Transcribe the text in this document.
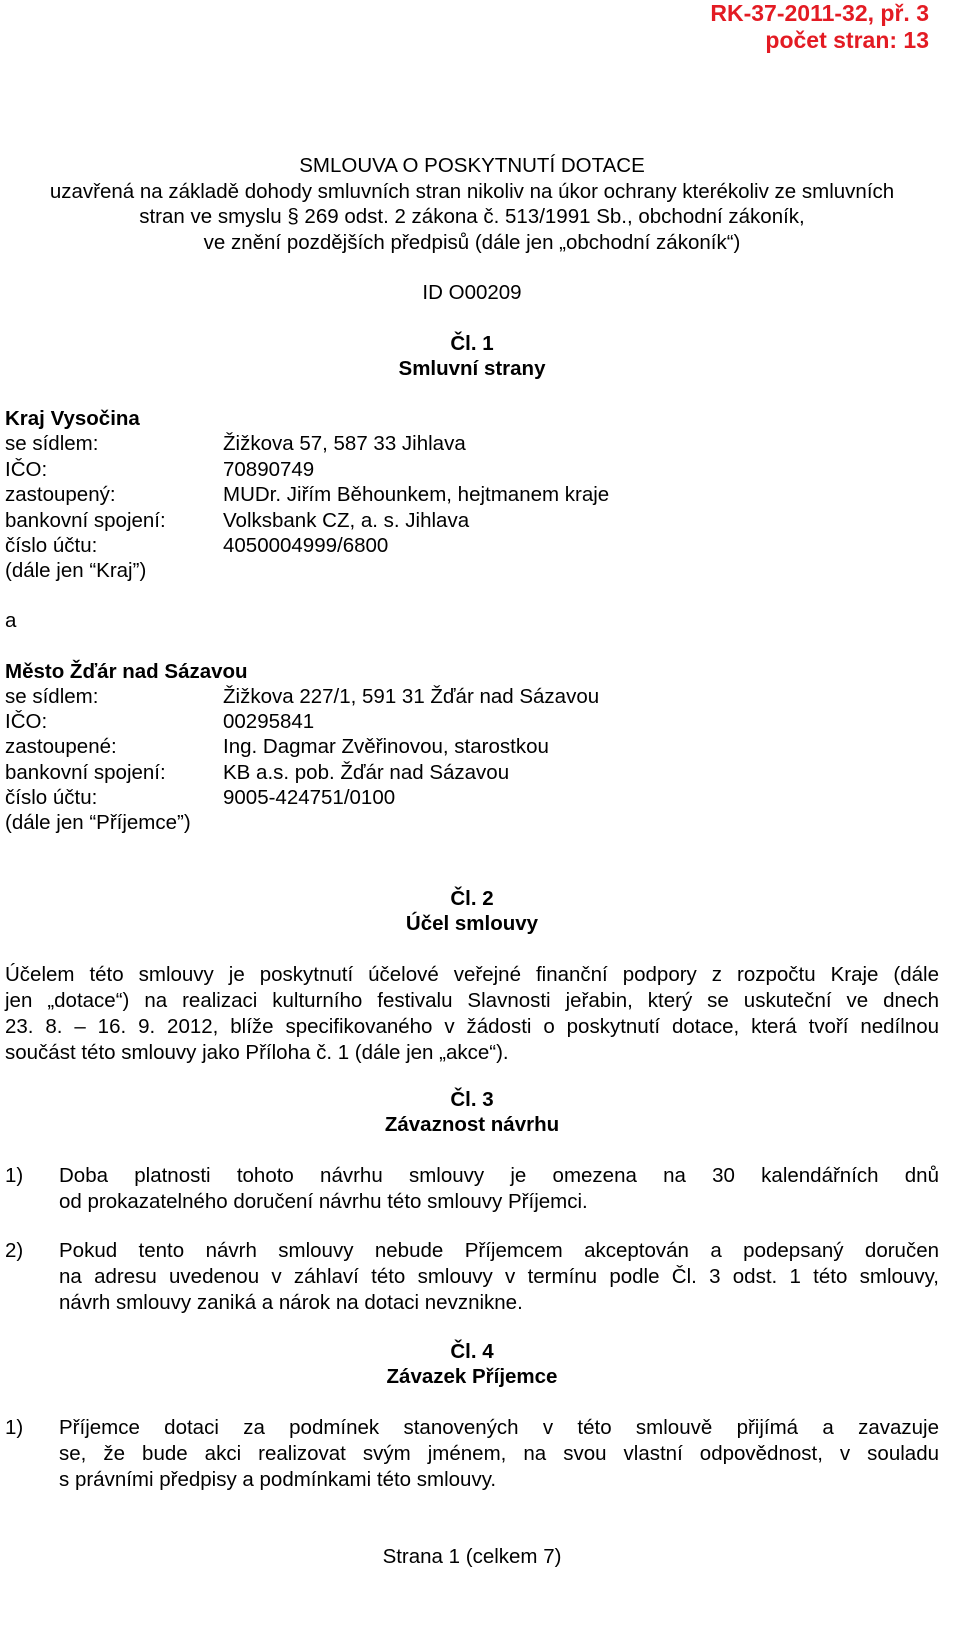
RK-37-2011-32, př. 3
počet stran: 13
SMLOUVA O POSKYTNUTÍ DOTACE
uzavřená na základě dohody smluvních stran nikoliv na úkor ochrany kterékoliv ze smluvních
stran ve smyslu § 269 odst. 2 zákona č. 513/1991 Sb., obchodní zákoník,
ve znění pozdějších předpisů (dále jen „obchodní zákoník“)
ID O00209
Čl. 1
Smluvní strany
Kraj Vysočina
se sídlem:	Žižkova 57, 587 33 Jihlava
IČO:	70890749
zastoupený:	MUDr. Jiřím Běhounkem, hejtmanem kraje
bankovní spojení:	Volksbank CZ, a. s. Jihlava
číslo účtu:	4050004999/6800
(dále jen “Kraj”)
a
Město Žďár nad Sázavou
se sídlem:	Žižkova 227/1, 591 31 Žďár nad Sázavou
IČO:	00295841
zastoupené:	Ing. Dagmar Zvěřinovou, starostkou
bankovní spojení:	KB a.s. pob. Žďár nad Sázavou
číslo účtu:	9005-424751/0100
(dále jen “Příjemce”)
Čl. 2
Účel smlouvy
Účelem této smlouvy je poskytnutí účelové veřejné finanční podpory z rozpočtu Kraje (dále
jen „dotace“) na realizaci kulturního festivalu Slavnosti jeřabin, který se uskuteční ve dnech
23. 8. – 16. 9. 2012, blíže specifikovaného v žádosti o poskytnutí dotace, která tvoří nedílnou
součást této smlouvy jako Příloha č. 1 (dále jen „akce“).
Čl. 3
Závaznost návrhu
1) Doba platnosti tohoto návrhu smlouvy je omezena na 30 kalendářních dnů
od prokazatelného doručení návrhu této smlouvy Příjemci.
2) Pokud tento návrh smlouvy nebude Příjemcem akceptován a podepsaný doručen
na adresu uvedenou v záhlaví této smlouvy v termínu podle Čl. 3 odst. 1 této smlouvy,
návrh smlouvy zaniká a nárok na dotaci nevznikne.
Čl. 4
Závazek Příjemce
1) Příjemce dotaci za podmínek stanovených v této smlouvě přijímá a zavazuje
se, že bude akci realizovat svým jménem, na svou vlastní odpovědnost, v souladu
s právními předpisy a podmínkami této smlouvy.
Strana 1 (celkem 7)
